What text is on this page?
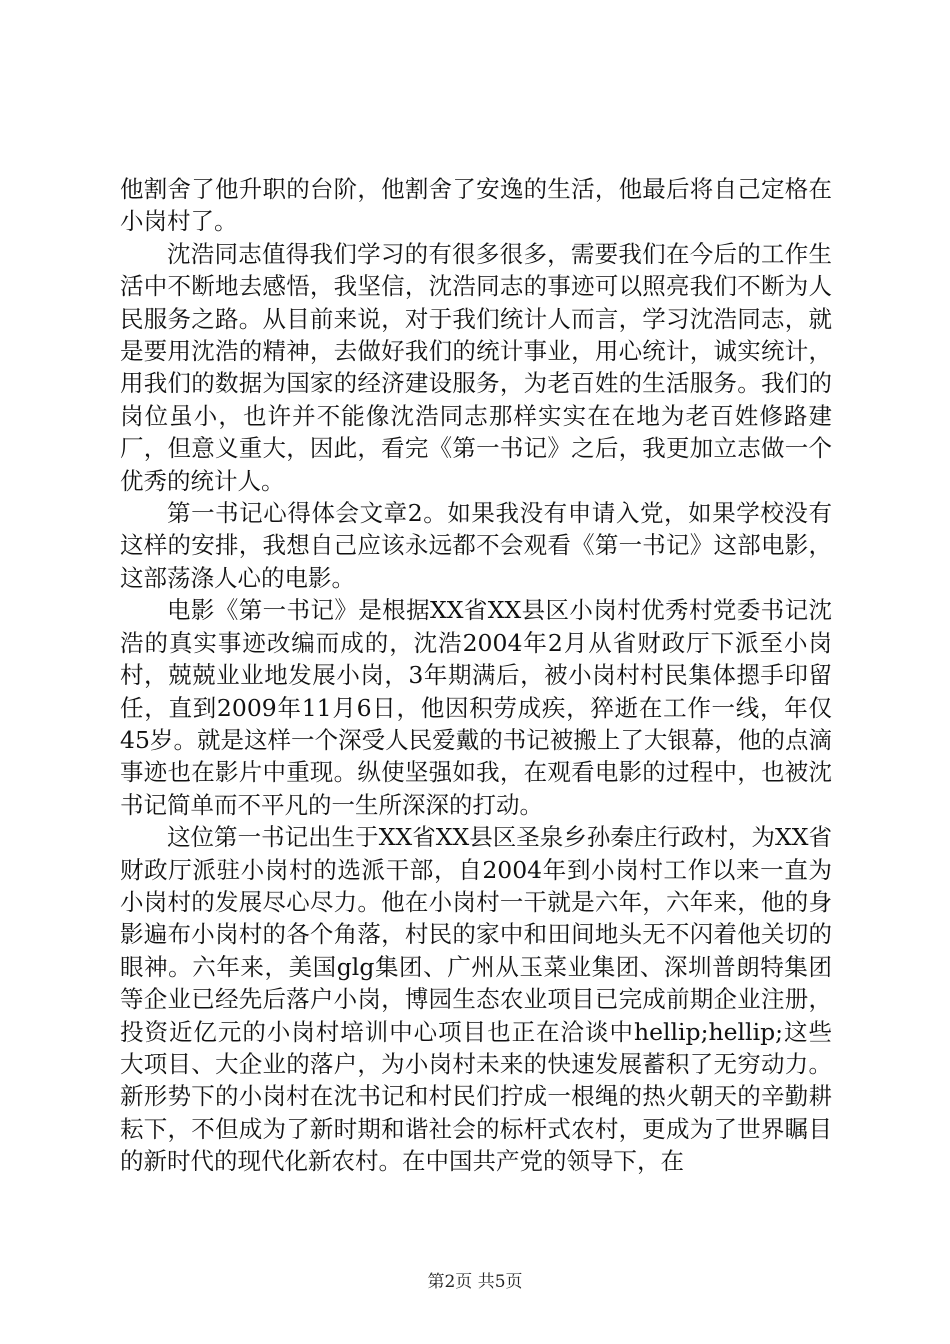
他割舍了他升职的台阶，他割舍了安逸的生活，他最后将自己定格在小岗村了。

沈浩同志值得我们学习的有很多很多，需要我们在今后的工作生活中不断地去感悟，我坚信，沈浩同志的事迹可以照亮我们不断为人民服务之路。从目前来说，对于我们统计人而言，学习沈浩同志，就是要用沈浩的精神，去做好我们的统计事业，用心统计，诚实统计，用我们的数据为国家的经济建设服务，为老百姓的生活服务。我们的岗位虽小，也许并不能像沈浩同志那样实实在在地为老百姓修路建厂，但意义重大，因此，看完《第一书记》之后，我更加立志做一个优秀的统计人。

第一书记心得体会文章2。如果我没有申请入党，如果学校没有这样的安排，我想自己应该永远都不会观看《第一书记》这部电影，这部荡涤人心的电影。

电影《第一书记》是根据XX省XX县区小岗村优秀村党委书记沈浩的真实事迹改编而成的，沈浩2004年2月从省财政厅下派至小岗村，兢兢业业地发展小岗，3年期满后，被小岗村村民集体摁手印留任，直到2009年11月6日，他因积劳成疾，猝逝在工作一线，年仅45岁。就是这样一个深受人民爱戴的书记被搬上了大银幕，他的点滴事迹也在影片中重现。纵使坚强如我，在观看电影的过程中，也被沈书记简单而不平凡的一生所深深的打动。

这位第一书记出生于XX省XX县区圣泉乡孙秦庄行政村，为XX省财政厅派驻小岗村的选派干部，自2004年到小岗村工作以来一直为小岗村的发展尽心尽力。他在小岗村一干就是六年，六年来，他的身影遍布小岗村的各个角落，村民的家中和田间地头无不闪着他关切的眼神。六年来，美国glg集团、广州从玉菜业集团、深圳普朗特集团等企业已经先后落户小岗，博园生态农业项目已完成前期企业注册，投资近亿元的小岗村培训中心项目也正在洽谈中hellip;hellip;这些大项目、大企业的落户，为小岗村未来的快速发展蓄积了无穷动力。新形势下的小岗村在沈书记和村民们拧成一根绳的热火朝天的辛勤耕耘下，不但成为了新时期和谐社会的标杆式农村，更成为了世界瞩目的新时代的现代化新农村。在中国共产党的领导下，在

第2页 共5页
